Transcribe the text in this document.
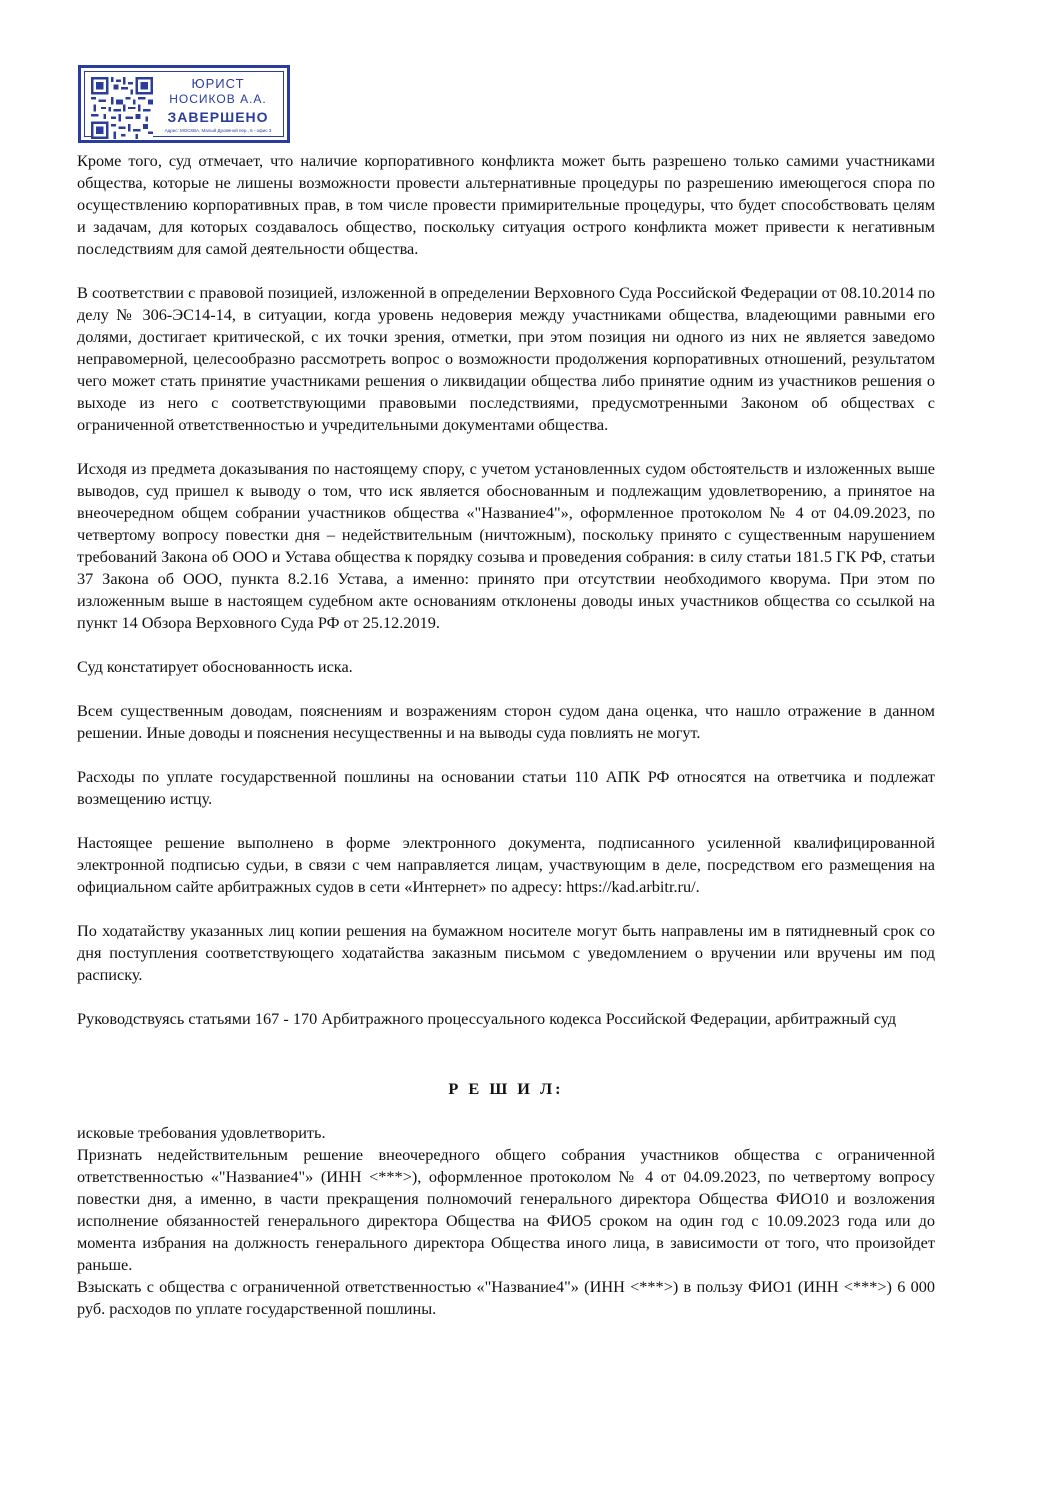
ЮРИСТ
НОСИКОВ А.А.
ЗАВЕРШЕНО
Адрес: МОСКВА, Малый Дровяной пер., 6 - офис 3

Кроме того, суд отмечает, что наличие корпоративного конфликта может быть разрешено только самими участниками общества, которые не лишены возможности провести альтернативные процедуры по разрешению имеющегося спора по осуществлению корпоративных прав, в том числе провести примирительные процедуры, что будет способствовать целям и задачам, для которых создавалось общество, поскольку ситуация острого конфликта может привести к негативным последствиям для самой деятельности общества.

В соответствии с правовой позицией, изложенной в определении Верховного Суда Российской Федерации от 08.10.2014 по делу № 306-ЭС14-14, в ситуации, когда уровень недоверия между участниками общества, владеющими равными его долями, достигает критической, с их точки зрения, отметки, при этом позиция ни одного из них не является заведомо неправомерной, целесообразно рассмотреть вопрос о возможности продолжения корпоративных отношений, результатом чего может стать принятие участниками решения о ликвидации общества либо принятие одним из участников решения о выходе из него с соответствующими правовыми последствиями, предусмотренными Законом об обществах с ограниченной ответственностью и учредительными документами общества.

Исходя из предмета доказывания по настоящему спору, с учетом установленных судом обстоятельств и изложенных выше выводов, суд пришел к выводу о том, что иск является обоснованным и подлежащим удовлетворению, а принятое на внеочередном общем собрании участников общества «"Название4"», оформленное протоколом № 4 от 04.09.2023, по четвертому вопросу повестки дня – недействительным (ничтожным), поскольку принято с существенным нарушением требований Закона об ООО и Устава общества к порядку созыва и проведения собрания: в силу статьи 181.5 ГК РФ, статьи 37 Закона об ООО, пункта 8.2.16 Устава, а именно: принято при отсутствии необходимого кворума. При этом по изложенным выше в настоящем судебном акте основаниям отклонены доводы иных участников общества со ссылкой на пункт 14 Обзора Верховного Суда РФ от 25.12.2019.

Суд констатирует обоснованность иска.

Всем существенным доводам, пояснениям и возражениям сторон судом дана оценка, что нашло отражение в данном решении. Иные доводы и пояснения несущественны и на выводы суда повлиять не могут.

Расходы по уплате государственной пошлины на основании статьи 110 АПК РФ относятся на ответчика и подлежат возмещению истцу.

Настоящее решение выполнено в форме электронного документа, подписанного усиленной квалифицированной электронной подписью судьи, в связи с чем направляется лицам, участвующим в деле, посредством его размещения на официальном сайте арбитражных судов в сети «Интернет» по адресу: https://kad.arbitr.ru/.

По ходатайству указанных лиц копии решения на бумажном носителе могут быть направлены им в пятидневный срок со дня поступления соответствующего ходатайства заказным письмом с уведомлением о вручении или вручены им под расписку.

Руководствуясь статьями 167 - 170 Арбитражного процессуального кодекса Российской Федерации, арбитражный суд

Р Е Ш И Л:

исковые требования удовлетворить.

Признать недействительным решение внеочередного общего собрания участников общества с ограниченной ответственностью «"Название4"» (ИНН <***>), оформленное протоколом № 4 от 04.09.2023, по четвертому вопросу повестки дня, а именно, в части прекращения полномочий генерального директора Общества ФИО10 и возложения исполнение обязанностей генерального директора Общества на ФИО5 сроком на один год с 10.09.2023 года или до момента избрания на должность генерального директора Общества иного лица, в зависимости от того, что произойдет раньше.

Взыскать с общества с ограниченной ответственностью «"Название4"» (ИНН <***>) в пользу ФИО1 (ИНН <***>) 6 000 руб. расходов по уплате государственной пошлины.
